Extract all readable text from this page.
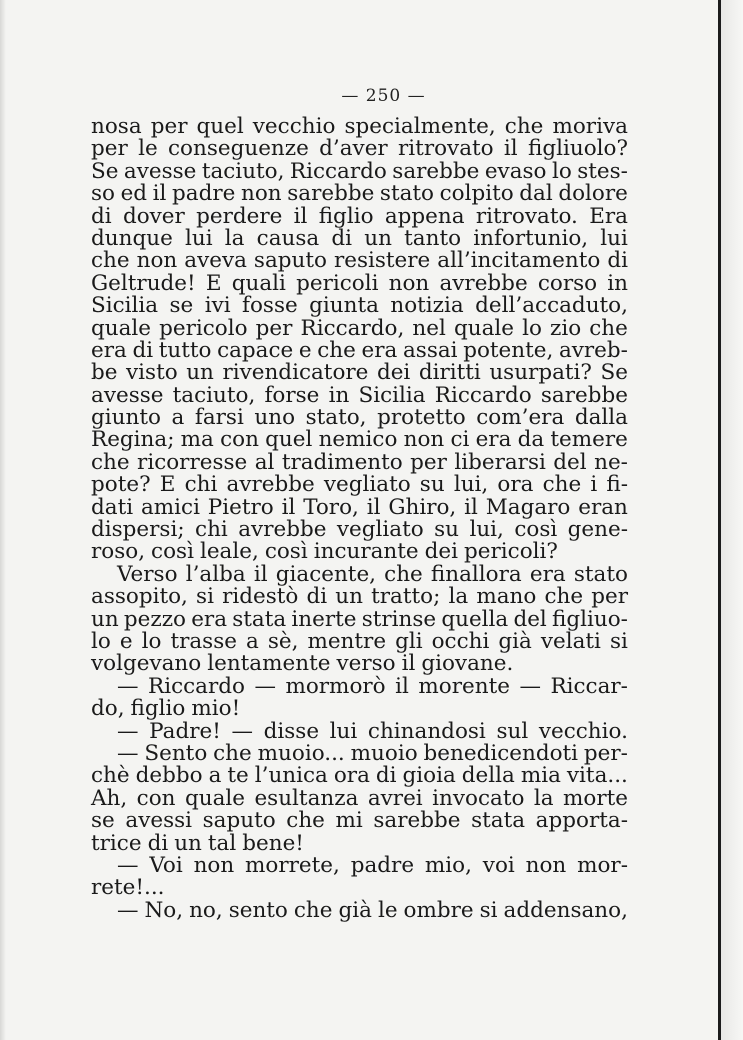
— 250 —
nosa per quel vecchio specialmente, che moriva
per le conseguenze d’aver ritrovato il figliuolo?
Se avesse taciuto, Riccardo sarebbe evaso lo stes-
so ed il padre non sarebbe stato colpito dal dolore
di dover perdere il figlio appena ritrovato. Era
dunque lui la causa di un tanto infortunio, lui
che non aveva saputo resistere all’incitamento di
Geltrude! E quali pericoli non avrebbe corso in
Sicilia se ivi fosse giunta notizia dell’accaduto,
quale pericolo per Riccardo, nel quale lo zio che
era di tutto capace e che era assai potente, avreb-
be visto un rivendicatore dei diritti usurpati? Se
avesse taciuto, forse in Sicilia Riccardo sarebbe
giunto a farsi uno stato, protetto com’era dalla
Regina; ma con quel nemico non ci era da temere
che ricorresse al tradimento per liberarsi del ne-
pote? E chi avrebbe vegliato su lui, ora che i fi-
dati amici Pietro il Toro, il Ghiro, il Magaro eran
dispersi; chi avrebbe vegliato su lui, così gene-
roso, così leale, così incurante dei pericoli?
Verso l’alba il giacente, che finallora era stato
assopito, si ridestò di un tratto; la mano che per
un pezzo era stata inerte strinse quella del figliuo-
lo e lo trasse a sè, mentre gli occhi già velati si
volgevano lentamente verso il giovane.
— Riccardo — mormorò il morente — Riccar-
do, figlio mio!
— Padre! — disse lui chinandosi sul vecchio.
— Sento che muoio... muoio benedicendoti per-
chè debbo a te l’unica ora di gioia della mia vita...
Ah, con quale esultanza avrei invocato la morte
se avessi saputo che mi sarebbe stata apporta-
trice di un tal bene!
— Voi non morrete, padre mio, voi non mor-
rete!...
— No, no, sento che già le ombre si addensano,
